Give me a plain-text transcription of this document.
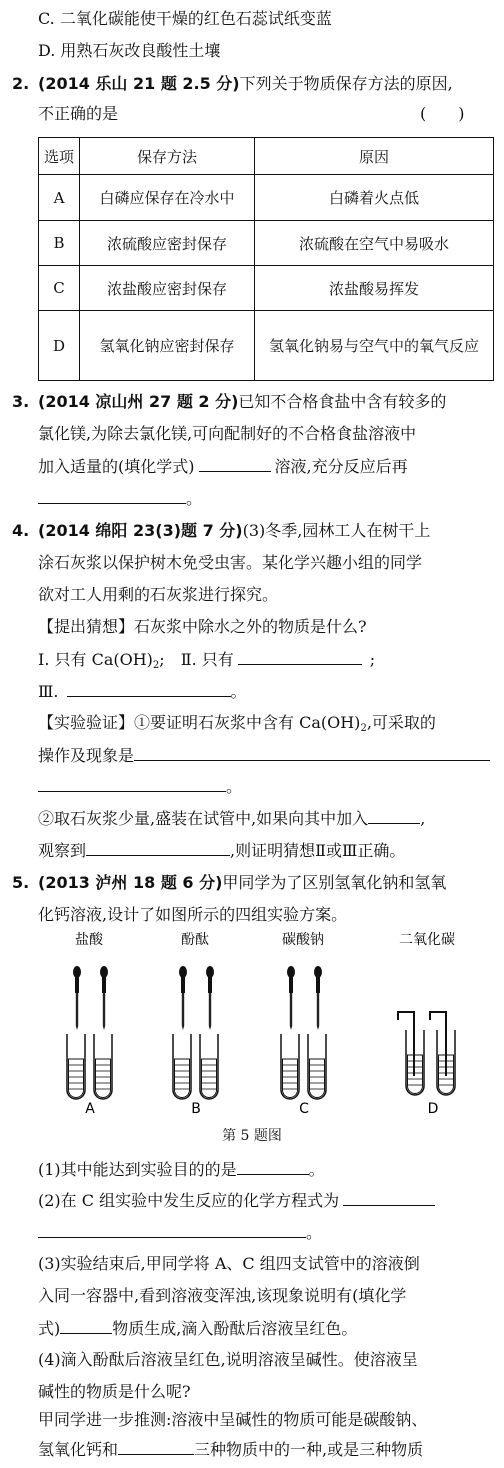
C. 二氧化碳能使干燥的红色石蕊试纸变蓝
D. 用熟石灰改良酸性土壤
2. (2014 乐山 21 题 2.5 分)下列关于物质保存方法的原因,
不正确的是	(　　)
选项	保存方法	原因
A	白磷应保存在冷水中	白磷着火点低
B	浓硫酸应密封保存	浓硫酸在空气中易吸水
C	浓盐酸应密封保存	浓盐酸易挥发
D	氢氧化钠应密封保存	氢氧化钠易与空气中的氧气反应
3. (2014 凉山州 27 题 2 分)已知不合格食盐中含有较多的
氯化镁,为除去氯化镁,可向配制好的不合格食盐溶液中
加入适量的(填化学式)	溶液,充分反应后再
。
4. (2014 绵阳 23(3)题 7 分)(3)冬季,园林工人在树干上
涂石灰浆以保护树木免受虫害。某化学兴趣小组的同学
欲对工人用剩的石灰浆进行探究。
【提出猜想】石灰浆中除水之外的物质是什么?
Ⅰ. 只有 $Ca(OH)_2$;　Ⅱ. 只有	;
Ⅲ.	。
【实验验证】①要证明石灰浆中含有 $Ca(OH)_2$,可采取的
操作及现象是
。
②取石灰浆少量,盛装在试管中,如果向其中加入	,
观察到	,则证明猜想Ⅱ或Ⅲ正确。
5. (2013 泸州 18 题 6 分)甲同学为了区别氢氧化钠和氢氧
化钙溶液,设计了如图所示的四组实验方案。
盐酸	酚酞	碳酸钠	二氧化碳
A	B	C	D
第 5 题图
(1)其中能达到实验目的的是	。
(2)在 C 组实验中发生反应的化学方程式为
。
(3)实验结束后,甲同学将 A、C 组四支试管中的溶液倒
入同一容器中,看到溶液变浑浊,该现象说明有(填化学
式)	物质生成,滴入酚酞后溶液呈红色。
(4)滴入酚酞后溶液呈红色,说明溶液呈碱性。使溶液呈
碱性的物质是什么呢?
甲同学进一步推测:溶液中呈碱性的物质可能是碳酸钠、
氢氧化钙和	三种物质中的一种,或是三种物质
